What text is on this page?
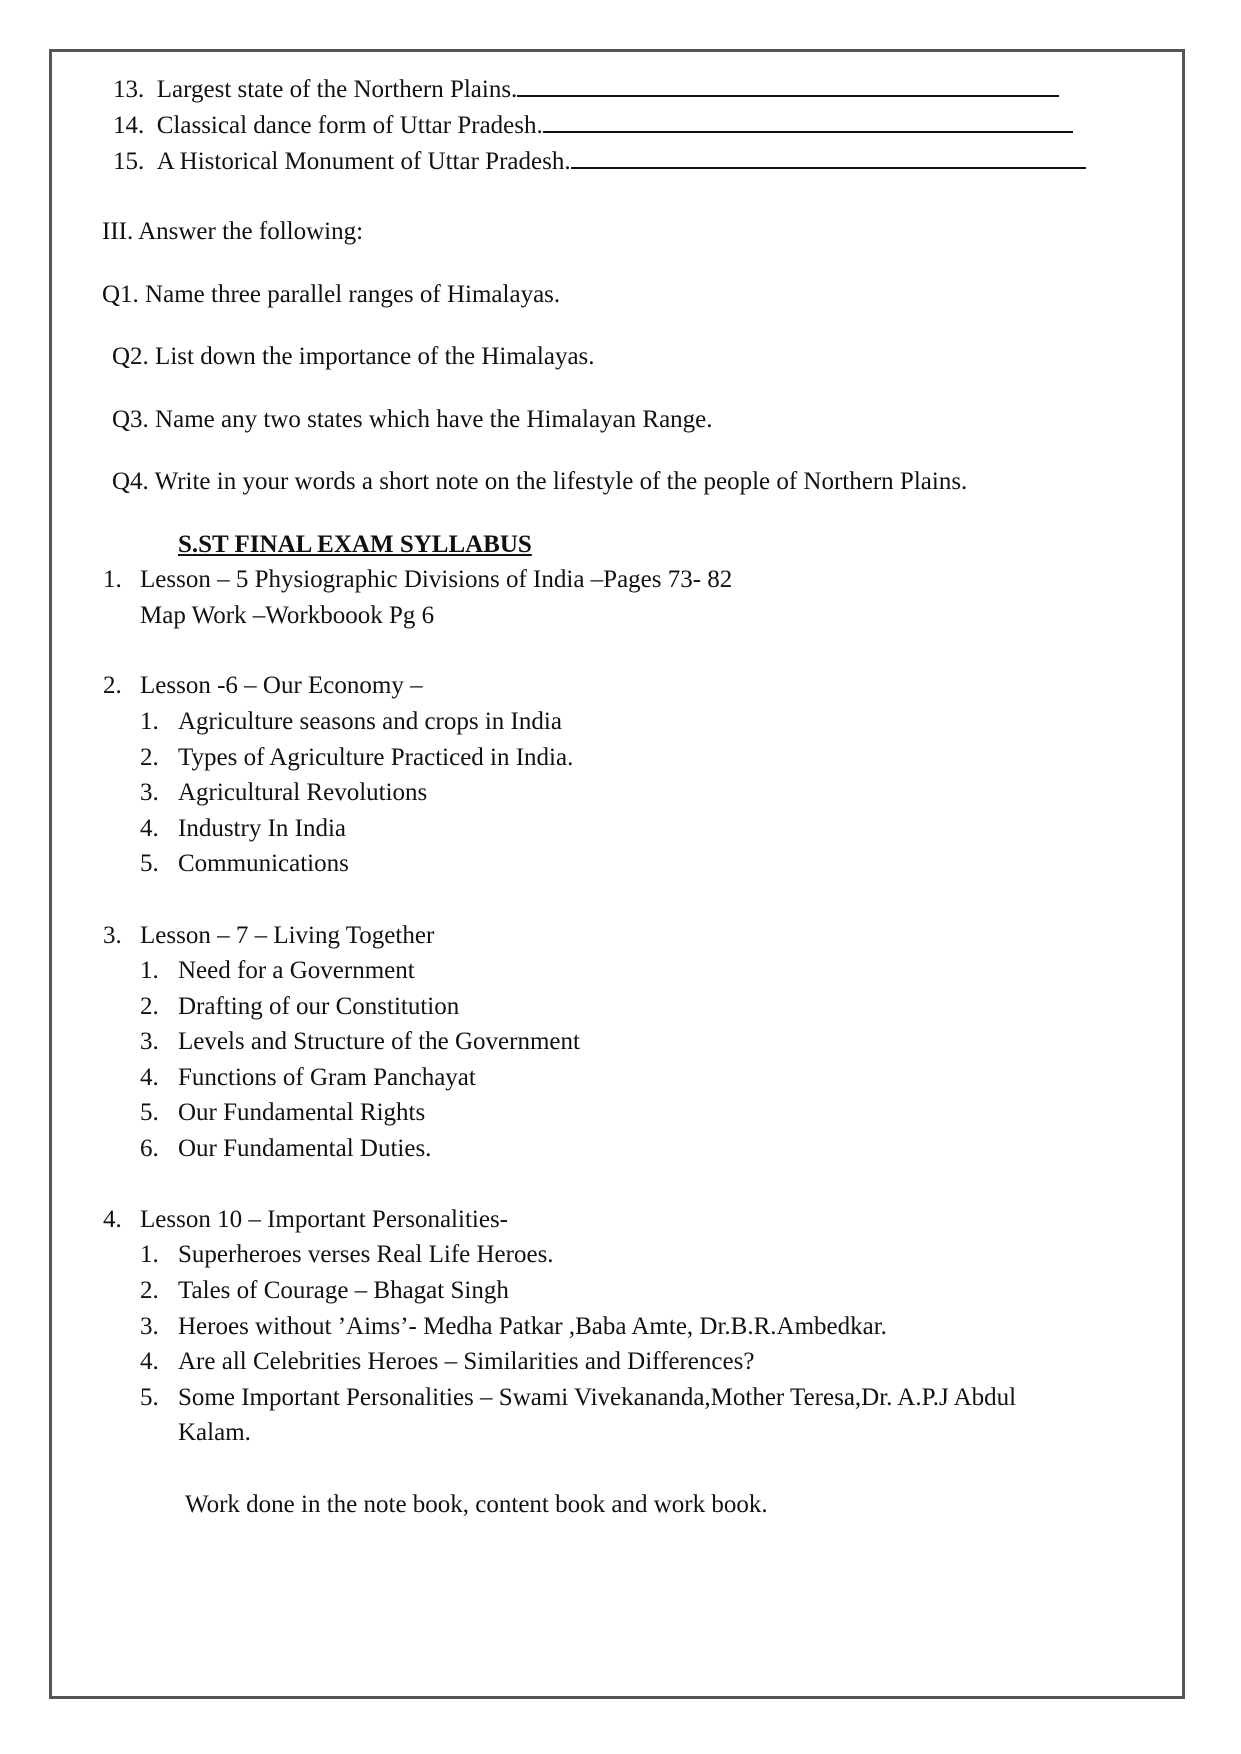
13. Largest state of the Northern Plains.
14. Classical dance form of Uttar Pradesh.
15. A Historical Monument of Uttar Pradesh.
III. Answer the following:
Q1. Name three parallel ranges of Himalayas.
Q2. List down the importance of the Himalayas.
Q3. Name any two states which have the Himalayan Range.
Q4. Write in your words a short note on the lifestyle of the people of Northern Plains.
S.ST FINAL EXAM SYLLABUS
1. Lesson – 5 Physiographic Divisions of India –Pages 73- 82
Map Work –Workboook Pg 6
2. Lesson -6 – Our Economy –
1. Agriculture seasons and crops in India
2. Types of Agriculture Practiced in India.
3. Agricultural Revolutions
4. Industry In India
5. Communications
3. Lesson – 7 – Living Together
1. Need for a Government
2. Drafting of our Constitution
3. Levels and Structure of the Government
4. Functions of Gram Panchayat
5. Our Fundamental Rights
6. Our Fundamental Duties.
4. Lesson 10 – Important Personalities-
1. Superheroes verses Real Life Heroes.
2. Tales of Courage – Bhagat Singh
3. Heroes without ’Aims’- Medha Patkar ,Baba Amte, Dr.B.R.Ambedkar.
4. Are all Celebrities Heroes – Similarities and Differences?
5. Some Important Personalities – Swami Vivekananda,Mother Teresa,Dr. A.P.J Abdul
Kalam.
Work done in the note book, content book and work book.
